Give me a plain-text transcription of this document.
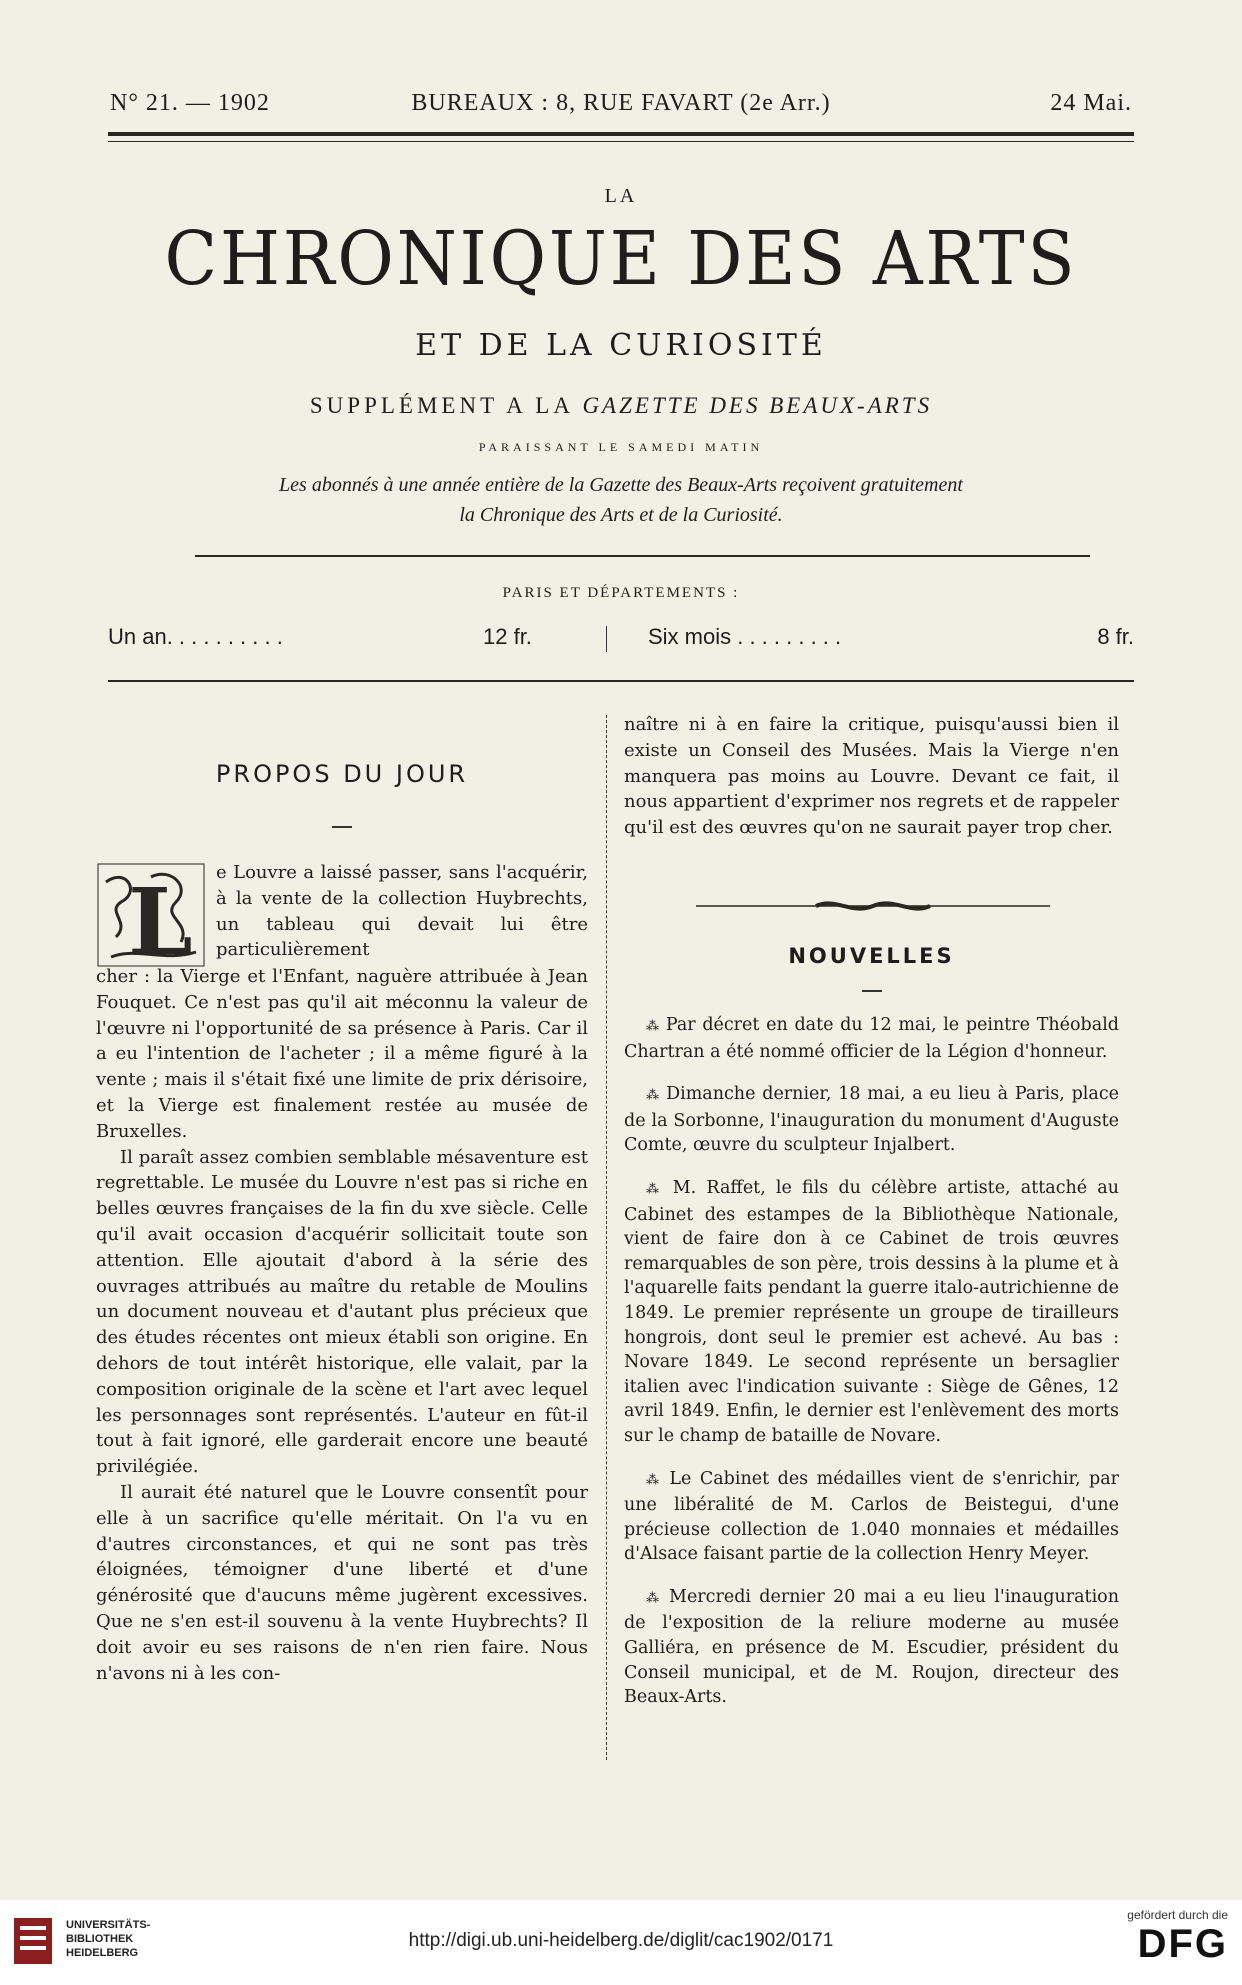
N° 21. — 1902	BUREAUX : 8, RUE FAVART (2e Arr.)	24 Mai.
LA
CHRONIQUE DES ARTS
ET DE LA CURIOSITÉ
SUPPLÉMENT A LA GAZETTE DES BEAUX-ARTS
PARAISSANT LE SAMEDI MATIN
Les abonnés à une année entière de la Gazette des Beaux-Arts reçoivent gratuitement
la Chronique des Arts et de la Curiosité.
PARIS ET DÉPARTEMENTS :
Un an. . . . . . . . . .	12 fr.	Six mois . . . . . . . . .	8 fr.
PROPOS DU JOUR
L e Louvre a laissé passer, sans l'acquérir, à la vente de la collection Huybrechts, un tableau qui devait lui être particulièrement

cher : la Vierge et l'Enfant, naguère attribuée à Jean Fouquet. Ce n'est pas qu'il ait méconnu la valeur de l'œuvre ni l'opportunité de sa présence à Paris. Car il a eu l'intention de l'acheter ; il a même figuré à la vente ; mais il s'était fixé une limite de prix dérisoire, et la Vierge est finalement restée au musée de Bruxelles.

Il paraît assez combien semblable mésaventure est regrettable. Le musée du Louvre n'est pas si riche en belles œuvres françaises de la fin du xve siècle. Celle qu'il avait occasion d'acquérir sollicitait toute son attention. Elle ajoutait d'abord à la série des ouvrages attribués au maître du retable de Moulins un document nouveau et d'autant plus précieux que des études récentes ont mieux établi son origine. En dehors de tout intérêt historique, elle valait, par la composition originale de la scène et l'art avec lequel les personnages sont représentés. L'auteur en fût-il tout à fait ignoré, elle garderait encore une beauté privilégiée.

Il aurait été naturel que le Louvre consentît pour elle à un sacrifice qu'elle méritait. On l'a vu en d'autres circonstances, et qui ne sont pas très éloignées, témoigner d'une liberté et d'une générosité que d'aucuns même jugèrent excessives. Que ne s'en est-il souvenu à la vente Huybrechts? Il doit avoir eu ses raisons de n'en rien faire. Nous n'avons ni à les con-

naître ni à en faire la critique, puisqu'aussi bien il existe un Conseil des Musées. Mais la Vierge n'en manquera pas moins au Louvre. Devant ce fait, il nous appartient d'exprimer nos regrets et de rappeler qu'il est des œuvres qu'on ne saurait payer trop cher.

NOUVELLES

⁂ Par décret en date du 12 mai, le peintre Théobald Chartran a été nommé officier de la Légion d'honneur.

⁂ Dimanche dernier, 18 mai, a eu lieu à Paris, place de la Sorbonne, l'inauguration du monument d'Auguste Comte, œuvre du sculpteur Injalbert.

⁂ M. Raffet, le fils du célèbre artiste, attaché au Cabinet des estampes de la Bibliothèque Nationale, vient de faire don à ce Cabinet de trois œuvres remarquables de son père, trois dessins à la plume et à l'aquarelle faits pendant la guerre italo-autrichienne de 1849. Le premier représente un groupe de tirailleurs hongrois, dont seul le premier est achevé. Au bas : Novare 1849. Le second représente un bersaglier italien avec l'indication suivante : Siège de Gênes, 12 avril 1849. Enfin, le dernier est l'enlèvement des morts sur le champ de bataille de Novare.

⁂ Le Cabinet des médailles vient de s'enrichir, par une libéralité de M. Carlos de Beistegui, d'une précieuse collection de 1.040 monnaies et médailles d'Alsace faisant partie de la collection Henry Meyer.

⁂ Mercredi dernier 20 mai a eu lieu l'inauguration de l'exposition de la reliure moderne au musée Galliéra, en présence de M. Escudier, président du Conseil municipal, et de M. Roujon, directeur des Beaux-Arts.

UNIVERSITÄTS-
BIBLIOTHEK
HEIDELBERG
http://digi.ub.uni-heidelberg.de/diglit/cac1902/0171
gefördert durch die
DFG
